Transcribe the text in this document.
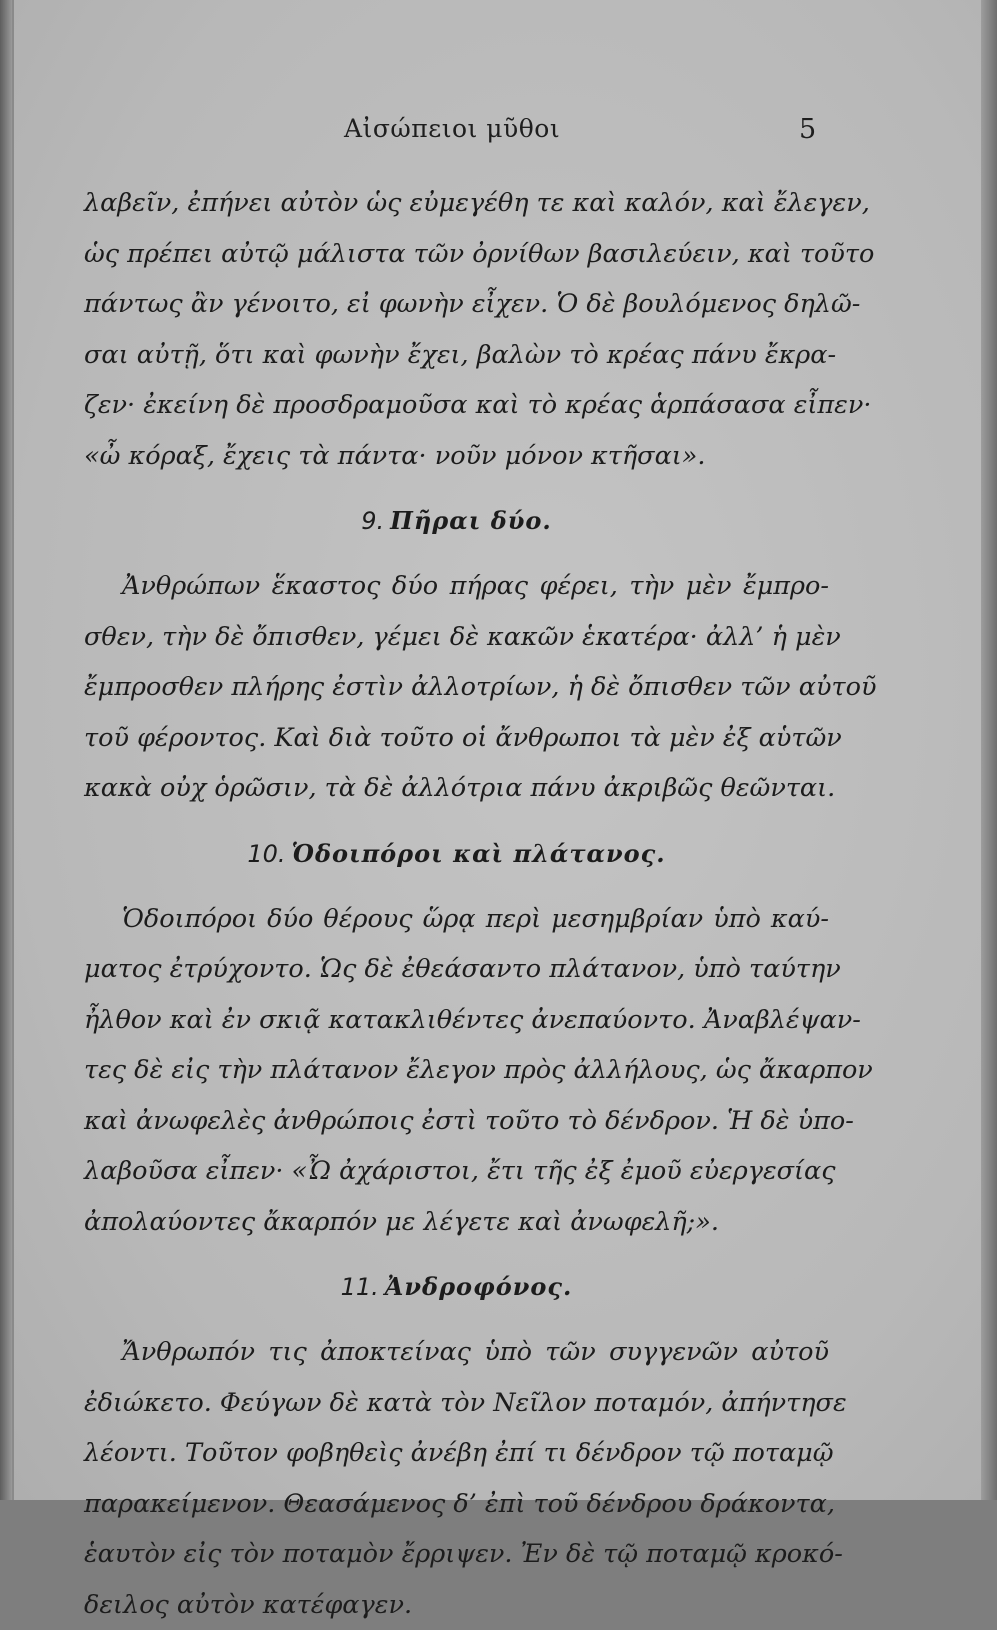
Αἰσώπειοι μῦθοι	5
λαβεῖν, ἐπήνει αὐτὸν ὡς εὐμεγέθη τε καὶ καλόν, καὶ ἔλεγεν,
ὡς πρέπει αὐτῷ μάλιστα τῶν ὀρνίθων βασιλεύειν, καὶ τοῦτο
πάντως ἂν γένοιτο, εἰ φωνὴν εἶχεν. Ὁ δὲ βουλόμενος δηλῶ-
σαι αὐτῇ, ὅτι καὶ φωνὴν ἔχει, βαλὼν τὸ κρέας πάνυ ἔκρα-
ζεν· ἐκείνη δὲ προσδραμοῦσα καὶ τὸ κρέας ἁρπάσασα εἶπεν·
«ὦ κόραξ, ἔχεις τὰ πάντα· νοῦν μόνον κτῆσαι».
9. Πῆραι δύο.
Ἀνθρώπων ἕκαστος δύο πήρας φέρει, τὴν μὲν ἔμπρο-
σθεν, τὴν δὲ ὄπισθεν, γέμει δὲ κακῶν ἑκατέρα· ἀλλ’ ἡ μὲν
ἔμπροσθεν πλήρης ἐστὶν ἀλλοτρίων, ἡ δὲ ὄπισθεν τῶν αὐτοῦ
τοῦ φέροντος. Καὶ διὰ τοῦτο οἱ ἄνθρωποι τὰ μὲν ἐξ αὑτῶν
κακὰ οὐχ ὁρῶσιν, τὰ δὲ ἀλλότρια πάνυ ἀκριβῶς θεῶνται.
10. Ὁδοιπόροι καὶ πλάτανος.
Ὁδοιπόροι δύο θέρους ὥρᾳ περὶ μεσημβρίαν ὑπὸ καύ-
ματος ἐτρύχοντο. Ὡς δὲ ἐθεάσαντο πλάτανον, ὑπὸ ταύτην
ἦλθον καὶ ἐν σκιᾷ κατακλιθέντες ἀνεπαύοντο. Ἀναβλέψαν-
τες δὲ εἰς τὴν πλάτανον ἔλεγον πρὸς ἀλλήλους, ὡς ἄκαρπον
καὶ ἀνωφελὲς ἀνθρώποις ἐστὶ τοῦτο τὸ δένδρον. Ἡ δὲ ὑπο-
λαβοῦσα εἶπεν· «Ὦ ἀχάριστοι, ἔτι τῆς ἐξ ἐμοῦ εὐεργεσίας
ἀπολαύοντες ἄκαρπόν με λέγετε καὶ ἀνωφελῆ;».
11. Ἀνδροφόνος.
Ἄνθρωπόν τις ἀποκτείνας ὑπὸ τῶν συγγενῶν αὐτοῦ
ἐδιώκετο. Φεύγων δὲ κατὰ τὸν Νεῖλον ποταμόν, ἀπήντησε
λέοντι. Τοῦτον φοβηθεὶς ἀνέβη ἐπί τι δένδρον τῷ ποταμῷ
παρακείμενον. Θεασάμενος δ’ ἐπὶ τοῦ δένδρου δράκοντα,
ἑαυτὸν εἰς τὸν ποταμὸν ἔρριψεν. Ἐν δὲ τῷ ποταμῷ κροκό-
δειλος αὐτὸν κατέφαγεν.
